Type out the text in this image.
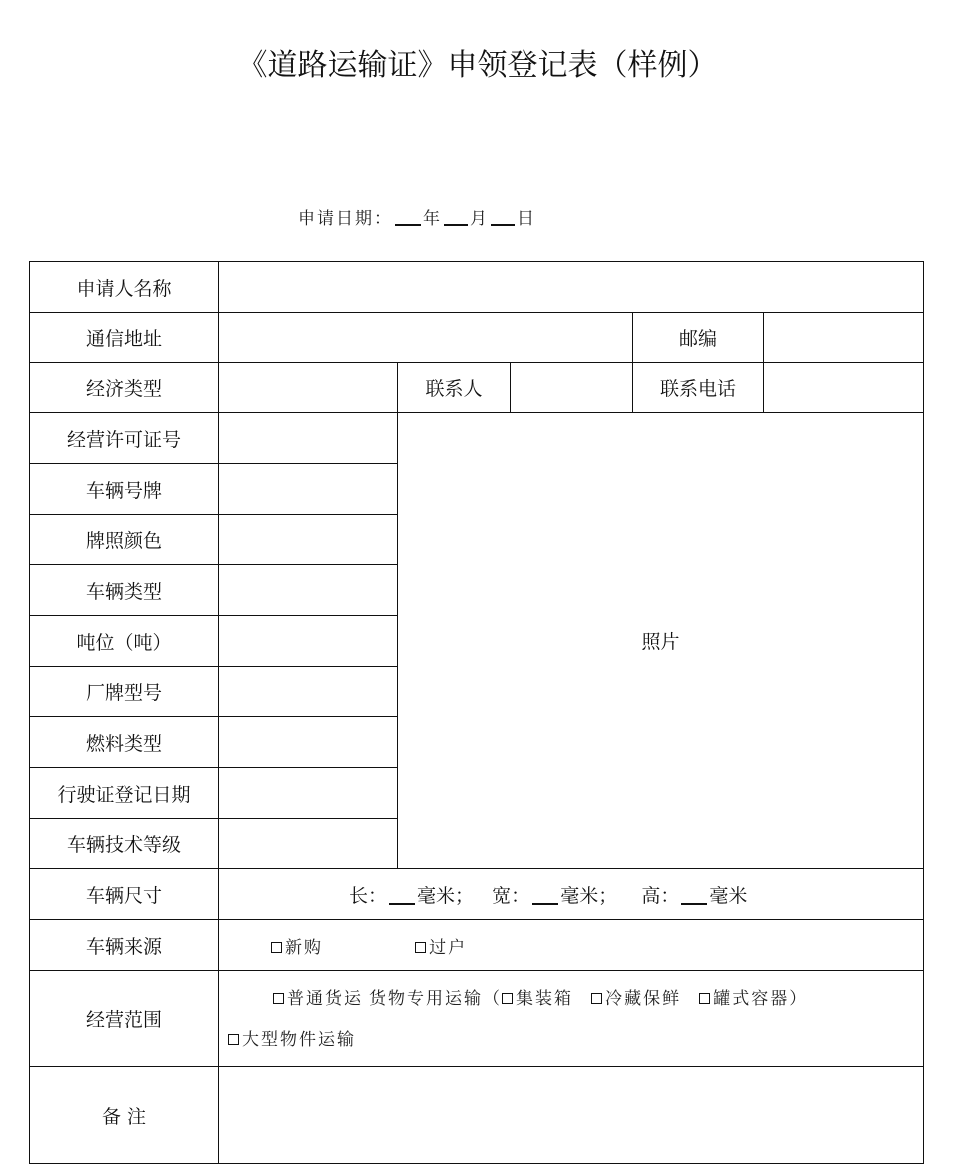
《道路运输证》申领登记表（样例）
申请日期： 年 月 日
申请人名称					
通信地址				邮编	
经济类型		联系人		联系电话	
经营许可证号		照片			
车辆号牌					
牌照颜色					
车辆类型					
吨位（吨）					
厂牌型号					
燃料类型					
行驶证登记日期					
车辆技术等级					
车辆尺寸	长： 毫米； 宽： 毫米； 高： 毫米				
车辆来源	新购 过户				
经营范围	普通货运 货物专用运输（ 集装箱 冷藏保鲜 罐式容器）
大型物件运输				

备 注					
